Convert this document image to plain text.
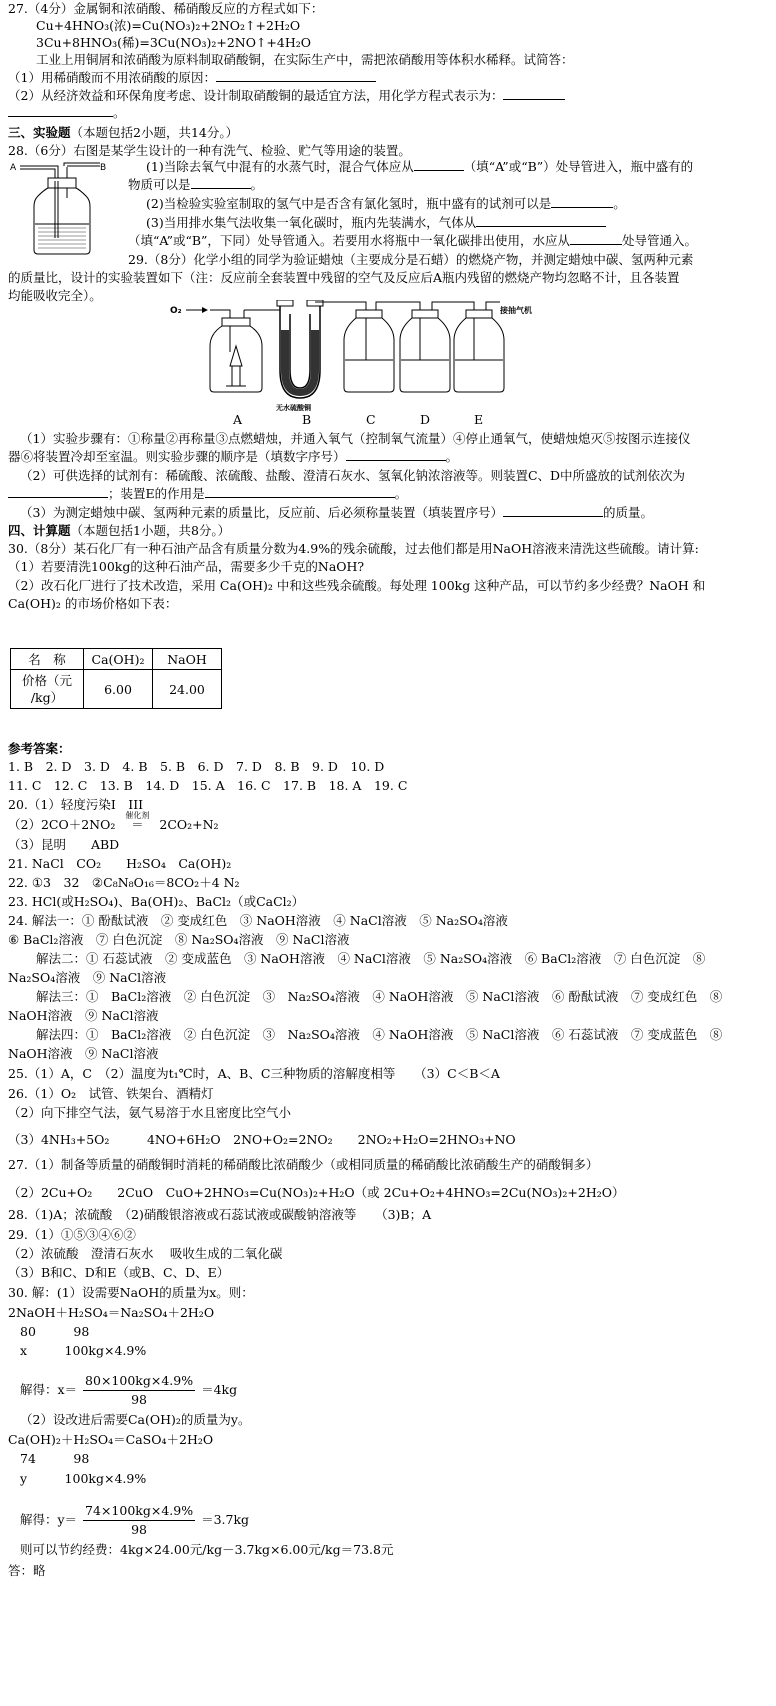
27.（4分）金属铜和浓硝酸、稀硝酸反应的方程式如下：
Cu+4HNO₃(浓)=Cu(NO₃)₂+2NO₂↑+2H₂O
3Cu+8HNO₃(稀)=3Cu(NO₃)₂+2NO↑+4H₂O
工业上用铜屑和浓硝酸为原料制取硝酸铜，在实际生产中，需把浓硝酸用等体积水稀释。试简答：
（1）用稀硝酸而不用浓硝酸的原因：
（2）从经济效益和环保角度考虑、设计制取硝酸铜的最适宜方法，用化学方程式表示为：
。
三、实验题（本题包括2小题，共14分。）
28.（6分）右图是某学生设计的一种有洗气、检验、贮气等用途的装置。
A	B	(1)当除去氧气中混有的水蒸气时，混合气体应从	（填“A”或“B”）处导管进入，瓶中盛有的
物质可以是	。
(2)当检验实验室制取的氢气中是否含有氯化氢时，瓶中盛有的试剂可以是	。
(3)当用排水集气法收集一氧化碳时，瓶内先装满水，气体从
（填“A”或“B”，下同）处导管通入。若要用水将瓶中一氧化碳排出使用，水应从	处导管通入。
29.（8分）化学小组的同学为验证蜡烛（主要成分是石蜡）的燃烧产物，并测定蜡烛中碳、氢两种元素
的质量比，设计的实验装置如下（注：反应前全套装置中残留的空气及反应后A瓶内残留的燃烧产物均忽略不计，且各装置
均能吸收完全）。
O₂	接抽气机
无水硫酸铜
A	B	C	D	E
（1）实验步骤有：①称量②再称量③点燃蜡烛，并通入氧气（控制氧气流量）④停止通氧气，使蜡烛熄灭⑤按图示连接仪
器⑥将装置冷却至室温。则实验步骤的顺序是（填数字序号）	。
（2）可供选择的试剂有：稀硫酸、浓硫酸、盐酸、澄清石灰水、氢氧化钠浓溶液等。则装置C、D中所盛放的试剂依次为
；装置E的作用是	。
（3）为测定蜡烛中碳、氢两种元素的质量比，反应前、后必须称量装置（填装置序号）	的质量。
四、计算题（本题包括1小题，共8分。）
30.（8分）某石化厂有一种石油产品含有质量分数为4.9%的残余硫酸，过去他们都是用NaOH溶液来清洗这些硫酸。请计算:
（1）若要清洗100kg的这种石油产品，需要多少千克的NaOH?
（2）改石化厂进行了技术改造，采用 Ca(OH)₂ 中和这些残余硫酸。每处理 100kg 这种产品，可以节约多少经费？NaOH 和
Ca(OH)₂ 的市场价格如下表：
名　称	Ca(OH)₂	NaOH
价格（元
/kg）	6.00	24.00
参考答案：
1. B　2. D　3. D　4. B　5. B　6. D　7. D　8. B　9. D　10. D
11. C　12. C　13. B　14. D　15. A　16. C　17. B　18. A　19. C
20.（1）轻度污染Ⅰ　III
（2）2CO＋2NO₂
催化剂
＝ 2CO₂+N₂
（3）昆明　　ABD
21. NaCl　CO₂　　H₂SO₄　Ca(OH)₂
22. ①3　32　②C₈N₈O₁₆＝8CO₂＋4 N₂
23. HCl(或H₂SO₄)、Ba(OH)₂、BaCl₂（或CaCl₂）
24. 解法一：① 酚酞试液　② 变成红色　③ NaOH溶液　④ NaCl溶液　⑤ Na₂SO₄溶液
⑥ BaCl₂溶液　⑦ 白色沉淀　⑧ Na₂SO₄溶液　⑨ NaCl溶液
解法二：① 石蕊试液　② 变成蓝色　③ NaOH溶液　④ NaCl溶液　⑤ Na₂SO₄溶液　⑥ BaCl₂溶液　⑦ 白色沉淀　⑧
Na₂SO₄溶液　⑨ NaCl溶液
解法三：①　BaCl₂溶液　② 白色沉淀　③　Na₂SO₄溶液　④ NaOH溶液　⑤ NaCl溶液　⑥ 酚酞试液　⑦ 变成红色　⑧
NaOH溶液　⑨ NaCl溶液
解法四：①　BaCl₂溶液　② 白色沉淀　③　Na₂SO₄溶液　④ NaOH溶液　⑤ NaCl溶液　⑥ 石蕊试液　⑦ 变成蓝色　⑧
NaOH溶液　⑨ NaCl溶液
25.（1）A，C　（2）温度为t₁℃时，A、B、C三种物质的溶解度相等　　（3）C＜B＜A
26.（1）O₂　试管、铁架台、酒精灯
（2）向下排空气法，氨气易溶于水且密度比空气小
（3）4NH₃+5O₂　　　4NO+6H₂O　2NO+O₂=2NO₂　　2NO₂+H₂O=2HNO₃+NO
27.（1）制备等质量的硝酸铜时消耗的稀硝酸比浓硝酸少（或相同质量的稀硝酸比浓硝酸生产的硝酸铜多）
（2）2Cu+O₂　　2CuO　CuO+2HNO₃=Cu(NO₃)₂+H₂O（或 2Cu+O₂+4HNO₃=2Cu(NO₃)₂+2H₂O）
28.（1)A；浓硫酸　（2)硝酸银溶液或石蕊试液或碳酸钠溶液等　　（3)B；A
29.（1）①⑤③④⑥②
（2）浓硫酸　澄清石灰水　 吸收生成的二氧化碳
（3）B和C、D和E（或B、C、D、E）
30. 解：(1）设需要NaOH的质量为x。则：
2NaOH＋H₂SO₄＝Na₂SO₄＋2H₂O
80　　　98
x　　　100kg×4.9%
解得：$x= \frac{80\times 100kg\times 4.9\%}{98} =4kg$
（2）设改进后需要Ca(OH)₂的质量为y。
Ca(OH)₂＋H₂SO₄＝CaSO₄＋2H₂O
74　　　98
y　　　100kg×4.9%
解得：$y= \frac{74\times 100kg\times 4.9\%}{98} =3.7kg$
则可以节约经费：4kg×24.00元/kg－3.7kg×6.00元/kg＝73.8元
答：略
